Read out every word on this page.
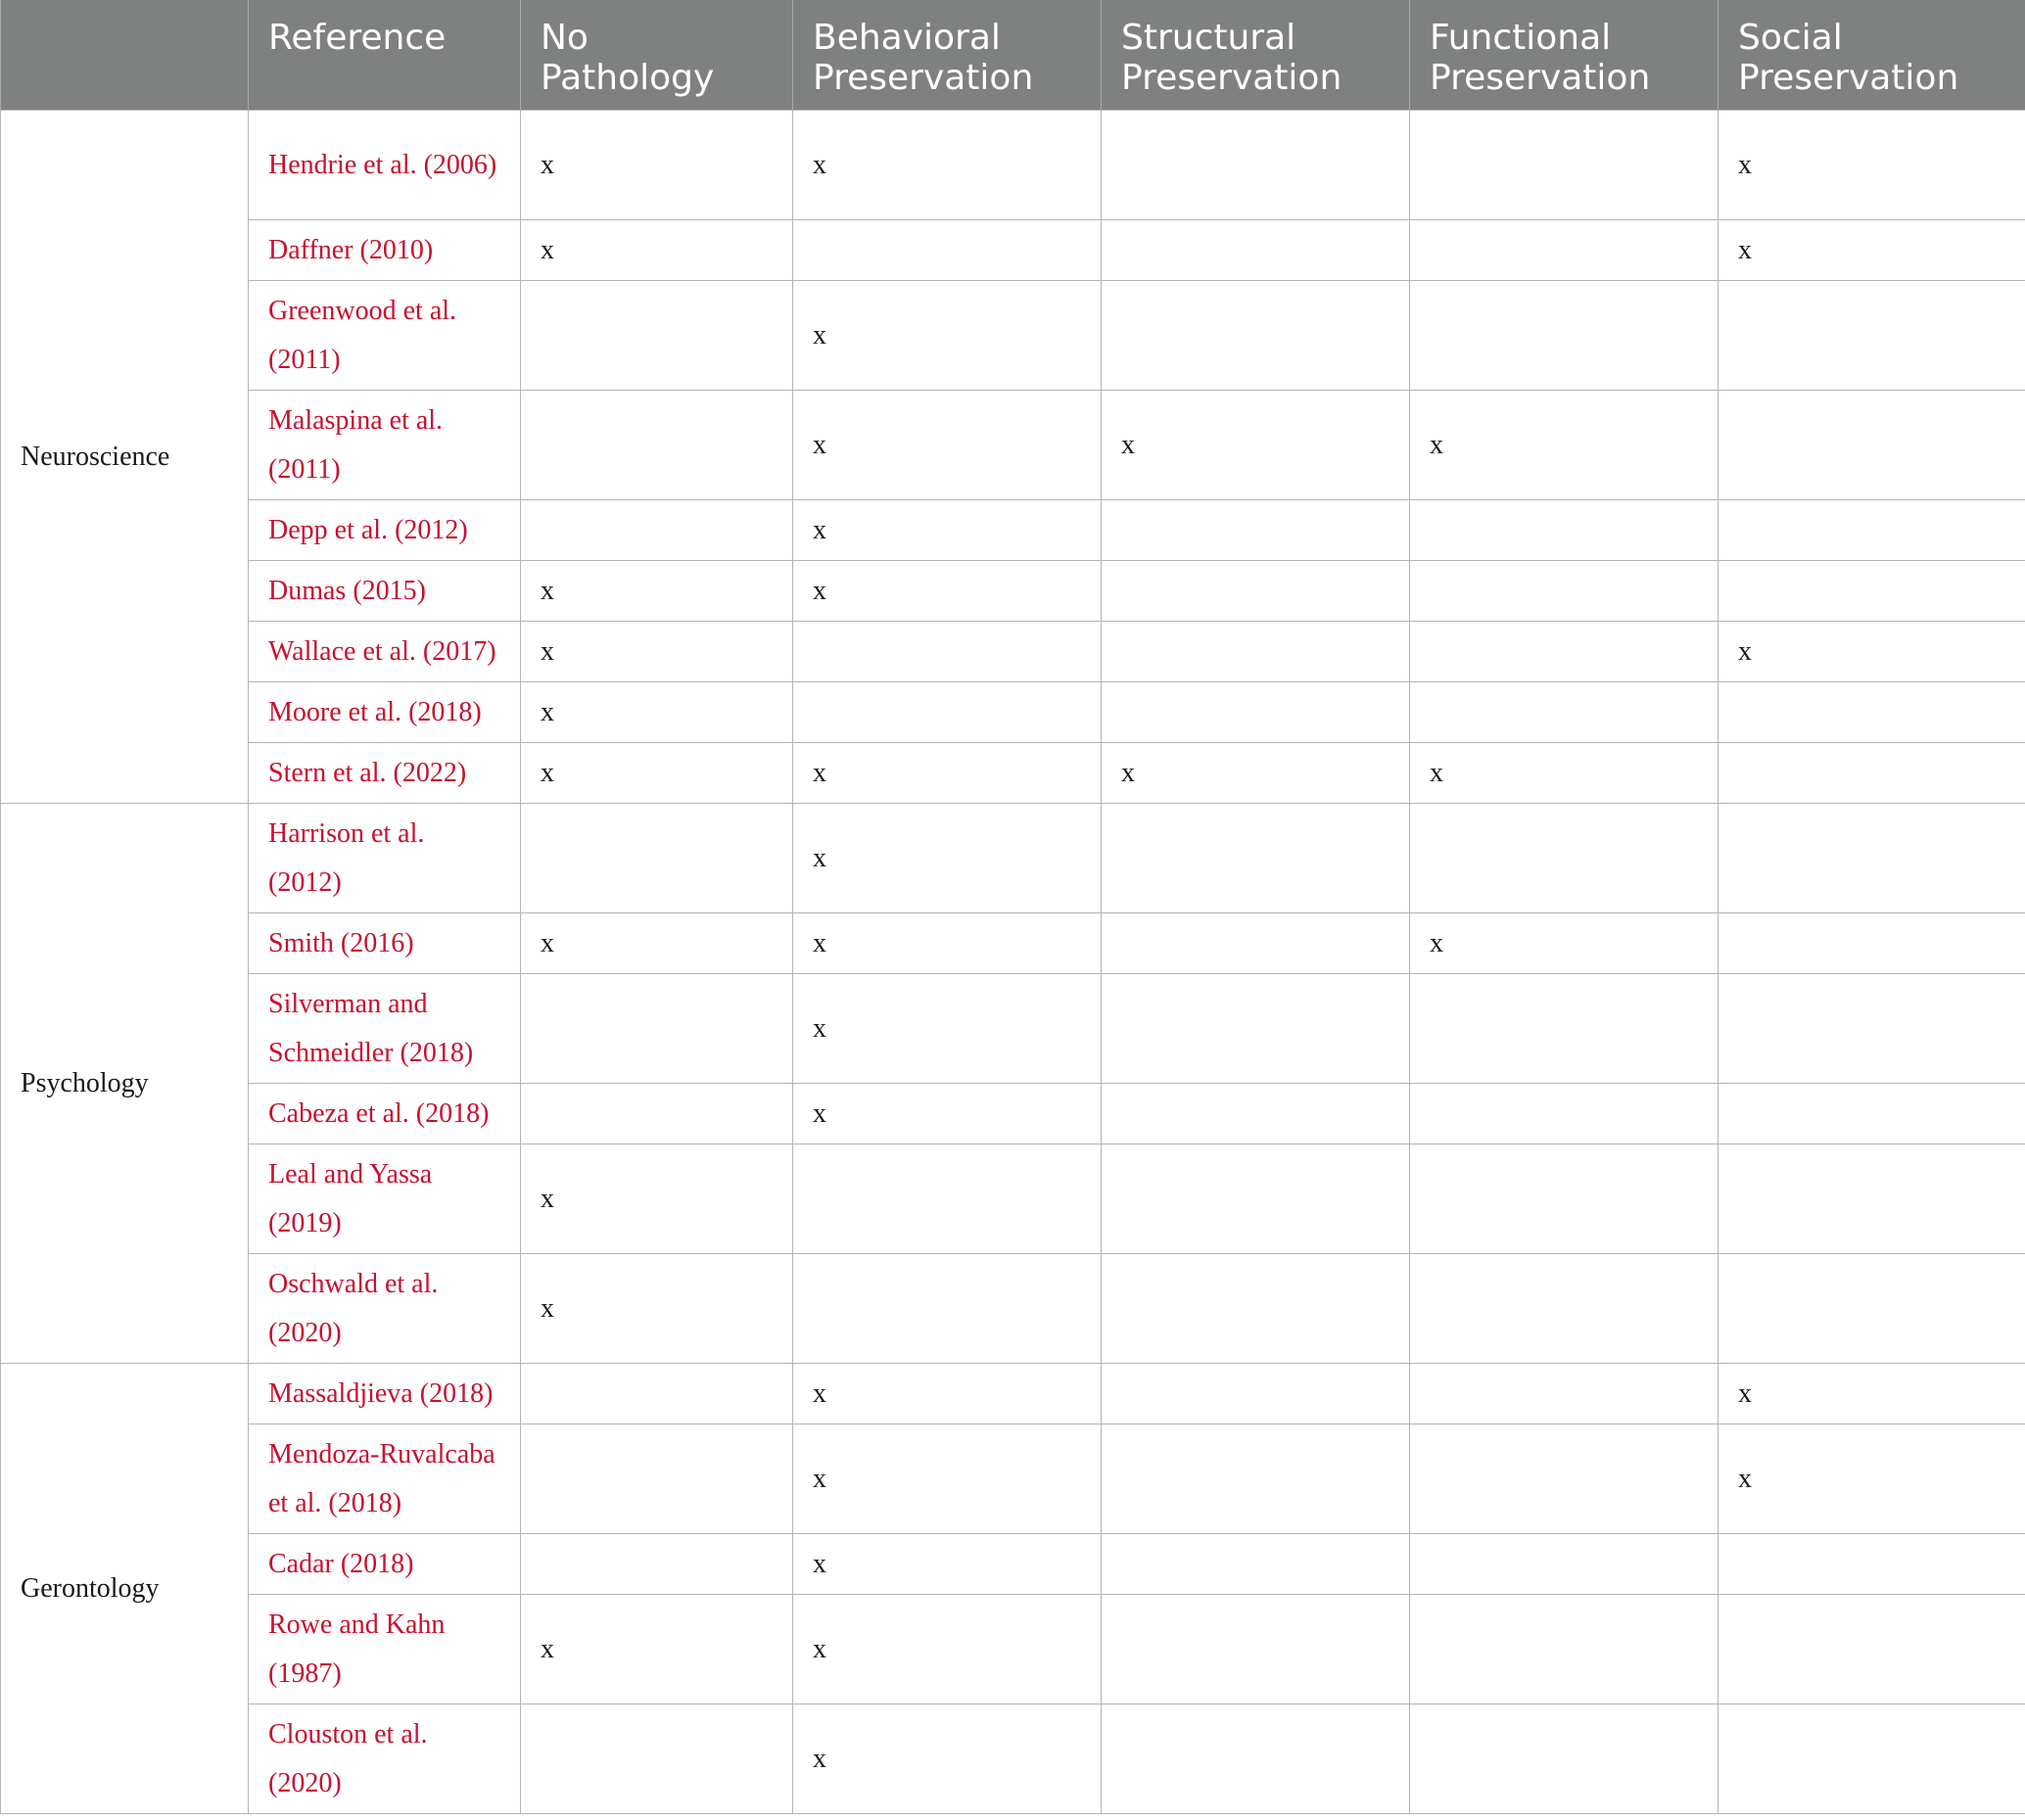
	Reference	No Pathology	Behavioral Preservation	Structural Preservation	Functional Preservation	Social Preservation
Neuroscience	Hendrie et al. (2006)	x	x			x
	Daffner (2010)	x				x
	Greenwood et al. (2011)		x			
	Malaspina et al. (2011)		x	x	x	
	Depp et al. (2012)		x			
	Dumas (2015)	x	x			
	Wallace et al. (2017)	x				x
	Moore et al. (2018)	x				
	Stern et al. (2022)	x	x	x	x	
Psychology	Harrison et al. (2012)		x			
	Smith (2016)	x	x		x	
	Silverman and Schmeidler (2018)		x			
	Cabeza et al. (2018)		x			
	Leal and Yassa (2019)	x				
	Oschwald et al. (2020)	x				
Gerontology	Massaldjieva (2018)		x			x
	Mendoza-Ruvalcaba et al. (2018)		x			x
	Cadar (2018)		x			
	Rowe and Kahn (1987)	x	x			
	Clouston et al. (2020)		x			
